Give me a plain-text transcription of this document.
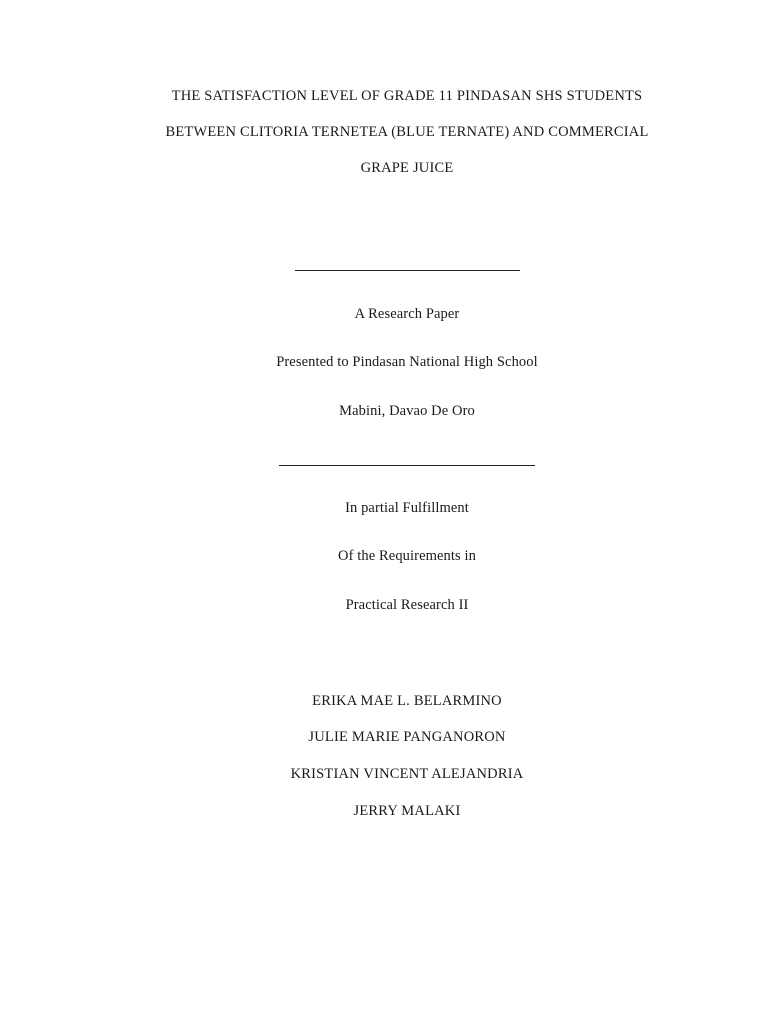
THE SATISFACTION LEVEL OF GRADE 11 PINDASAN SHS STUDENTS
BETWEEN CLITORIA TERNETEA (BLUE TERNATE) AND COMMERCIAL
GRAPE JUICE
A Research Paper
Presented to Pindasan National High School
Mabini, Davao De Oro
In partial Fulfillment
Of the Requirements in
Practical Research II
ERIKA MAE L. BELARMINO
JULIE MARIE PANGANORON
KRISTIAN VINCENT ALEJANDRIA
JERRY MALAKI
